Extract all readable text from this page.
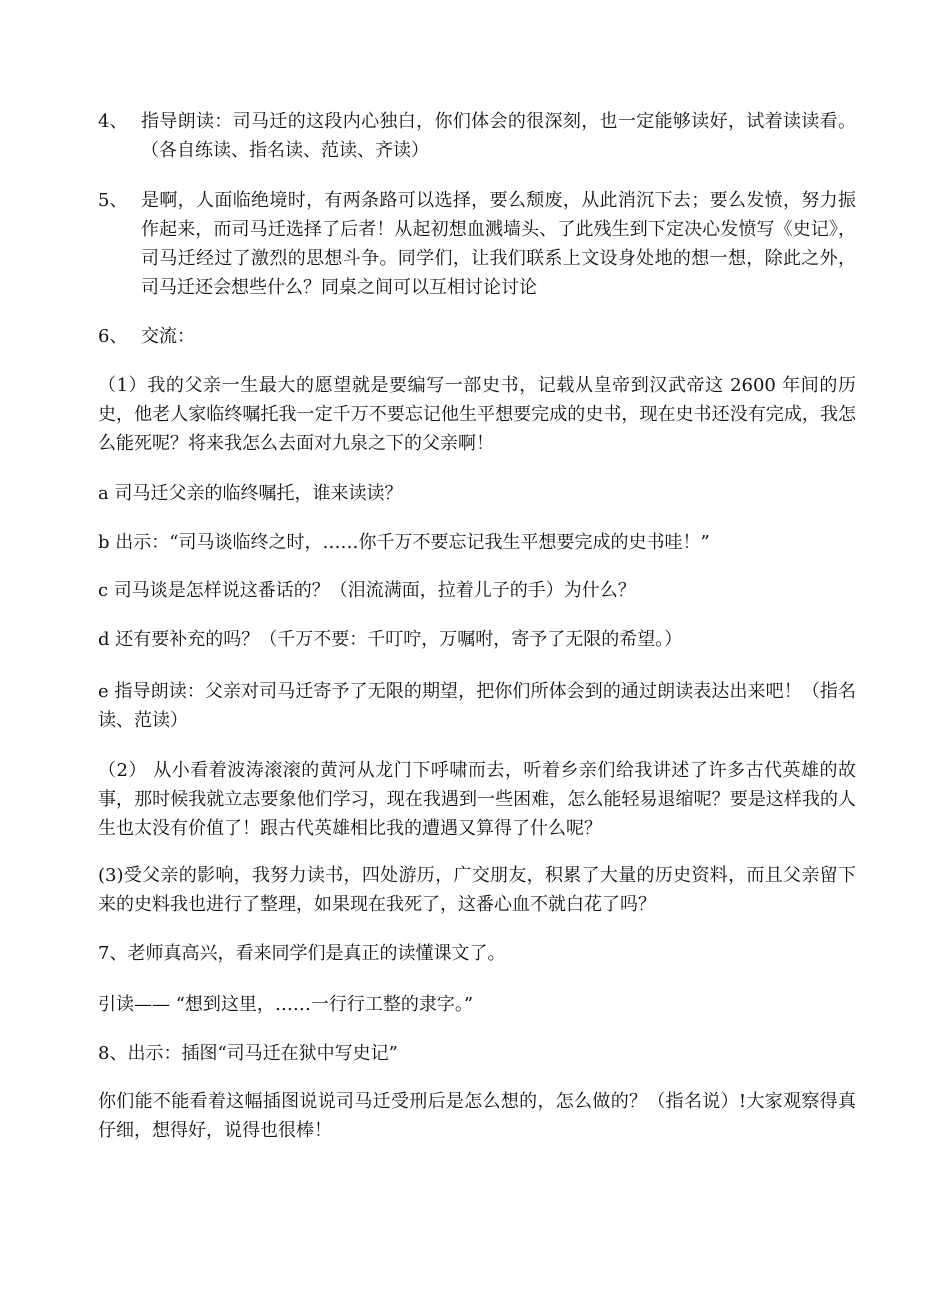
4、 指导朗读：司马迁的这段内心独白，你们体会的很深刻，也一定能够读好，试着读读看。（各自练读、指名读、范读、齐读）
5、 是啊，人面临绝境时，有两条路可以选择，要么颓废，从此消沉下去；要么发愤，努力振作起来，而司马迁选择了后者！从起初想血溅墙头、了此残生到下定决心发愤写《史记》，司马迁经过了激烈的思想斗争。同学们，让我们联系上文设身处地的想一想，除此之外，司马迁还会想些什么？同桌之间可以互相讨论讨论
6、 交流：
（1）我的父亲一生最大的愿望就是要编写一部史书，记载从皇帝到汉武帝这 2600 年间的历史，他老人家临终嘱托我一定千万不要忘记他生平想要完成的史书，现在史书还没有完成，我怎么能死呢？将来我怎么去面对九泉之下的父亲啊！
a 司马迁父亲的临终嘱托，谁来读读？
b 出示：“司马谈临终之时，……你千万不要忘记我生平想要完成的史书哇！”
c 司马谈是怎样说这番话的？（泪流满面，拉着儿子的手）为什么？
d 还有要补充的吗？（千万不要：千叮咛，万嘱咐，寄予了无限的希望。）
e 指导朗读：父亲对司马迁寄予了无限的期望，把你们所体会到的通过朗读表达出来吧！（指名读、范读）
（2） 从小看着波涛滚滚的黄河从龙门下呼啸而去，听着乡亲们给我讲述了许多古代英雄的故事，那时候我就立志要象他们学习，现在我遇到一些困难，怎么能轻易退缩呢？要是这样我的人生也太没有价值了！跟古代英雄相比我的遭遇又算得了什么呢？
(3)受父亲的影响，我努力读书，四处游历，广交朋友，积累了大量的历史资料，而且父亲留下来的史料我也进行了整理，如果现在我死了，这番心血不就白花了吗？
7、老师真高兴，看来同学们是真正的读懂课文了。
引读—— “想到这里，……一行行工整的隶字。”
8、出示：插图“司马迁在狱中写史记”
你们能不能看着这幅插图说说司马迁受刑后是怎么想的，怎么做的？（指名说）!大家观察得真仔细，想得好，说得也很棒！
